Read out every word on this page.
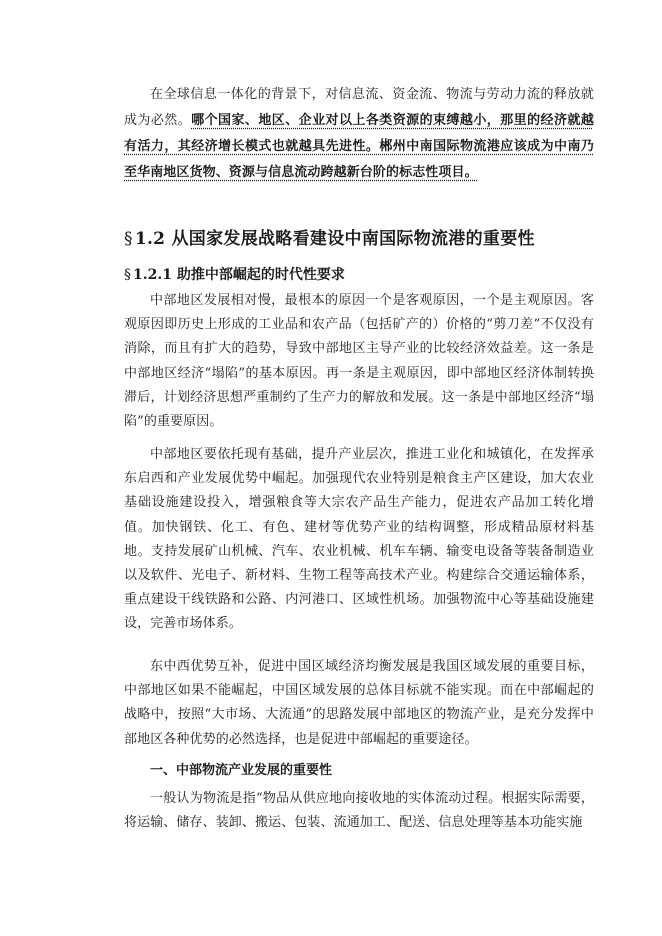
在全球信息一体化的背景下，对信息流、资金流、物流与劳动力流的释放就成为必然。哪个国家、地区、企业对以上各类资源的束缚越小，那里的经济就越有活力，其经济增长模式也就越具先进性。郴州中南国际物流港应该成为中南乃至华南地区货物、资源与信息流动跨越新台阶的标志性项目。

§ 1.2 从国家发展战略看建设中南国际物流港的重要性
§ 1.2.1 助推中部崛起的时代性要求

中部地区发展相对慢，最根本的原因一个是客观原因，一个是主观原因。客观原因即历史上形成的工业品和农产品（包括矿产的）价格的“剪刀差”不仅没有消除，而且有扩大的趋势，导致中部地区主导产业的比较经济效益差。这一条是中部地区经济“塌陷”的基本原因。再一条是主观原因，即中部地区经济体制转换滞后，计划经济思想严重制约了生产力的解放和发展。这一条是中部地区经济“塌陷”的重要原因。

中部地区要依托现有基础，提升产业层次，推进工业化和城镇化，在发挥承东启西和产业发展优势中崛起。加强现代农业特别是粮食主产区建设，加大农业基础设施建设投入，增强粮食等大宗农产品生产能力，促进农产品加工转化增值。加快钢铁、化工、有色、建材等优势产业的结构调整，形成精品原材料基地。支持发展矿山机械、汽车、农业机械、机车车辆、输变电设备等装备制造业以及软件、光电子、新材料、生物工程等高技术产业。构建综合交通运输体系，重点建设干线铁路和公路、内河港口、区域性机场。加强物流中心等基础设施建设，完善市场体系。

东中西优势互补，促进中国区域经济均衡发展是我国区域发展的重要目标，中部地区如果不能崛起，中国区域发展的总体目标就不能实现。而在中部崛起的战略中，按照“大市场、大流通”的思路发展中部地区的物流产业，是充分发挥中部地区各种优势的必然选择，也是促进中部崛起的重要途径。

一、中部物流产业发展的重要性

一般认为物流是指“物品从供应地向接收地的实体流动过程。根据实际需要，将运输、储存、装卸、搬运、包装、流通加工、配送、信息处理等基本功能实施
